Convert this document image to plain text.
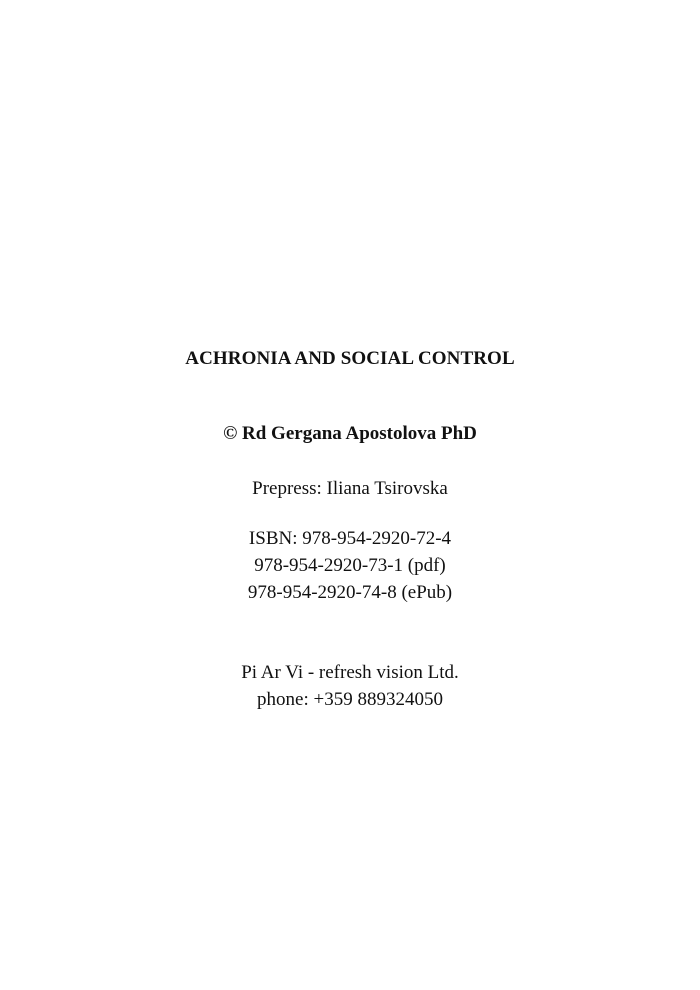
ACHRONIA AND SOCIAL CONTROL
© Rd Gergana Apostolova PhD
Prepress: Iliana Tsirovska
ISBN: 978-954-2920-72-4
978-954-2920-73-1 (pdf)
978-954-2920-74-8 (ePub)
Pi Ar Vi - refresh vision Ltd.
phone: +359 889324050
